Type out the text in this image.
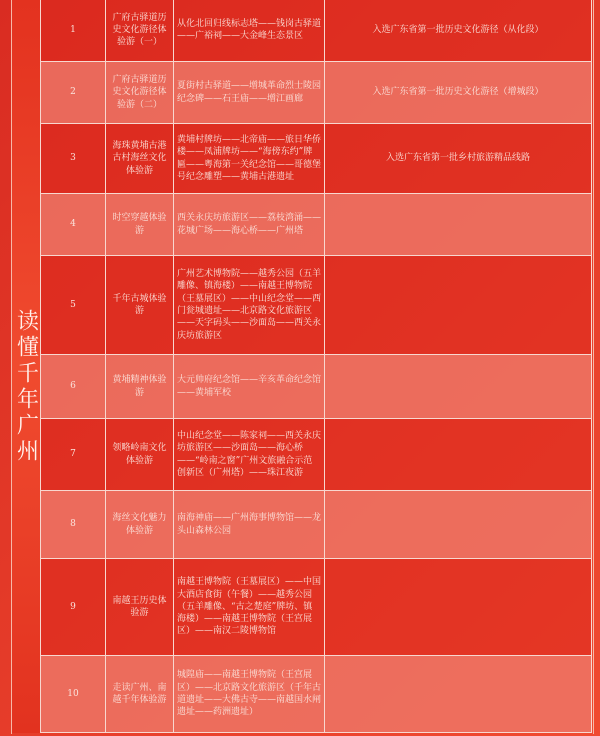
读懂千年广州
1	广府古驿道历史文化游径体验游（一）	从化北回归线标志塔——钱岗古驿道——广裕祠——大金峰生态景区	入选广东省第一批历史文化游径（从化段）
2	广府古驿道历史文化游径体验游（二）	夏街村古驿道——增城革命烈士陵园纪念碑——石王庙——增江画廊	入选广东省第一批历史文化游径（增城段）
3	海珠黄埔古港古村海丝文化体验游	黄埔村牌坊——北帝庙——旅日华侨楼——凤浦牌坊——“海傍东约”牌匾——粤海第一关纪念馆——哥德堡号纪念雕塑——黄埔古港遗址	入选广东省第一批乡村旅游精品线路
4	时空穿越体验游	西关永庆坊旅游区——荔枝湾涌——花城广场——海心桥——广州塔	
5	千年古城体验游	广州艺术博物院——越秀公园（五羊雕像、镇海楼）——南越王博物院（王墓展区）——中山纪念堂——西门瓮城遗址——北京路文化旅游区——天字码头——沙面岛——西关永庆坊旅游区	
6	黄埔精神体验游	大元帅府纪念馆——辛亥革命纪念馆——黄埔军校	
7	领略岭南文化体验游	中山纪念堂——陈家祠——西关永庆坊旅游区——沙面岛——海心桥——“岭南之窗”广州文旅融合示范创新区（广州塔）——珠江夜游	
8	海丝文化魅力体验游	南海神庙——广州海事博物馆——龙头山森林公园	
9	南越王历史体验游	南越王博物院（王墓展区）——中国大酒店食街（午餐）——越秀公园（五羊雕像、“古之楚庭”牌坊、镇海楼）——南越王博物院（王宫展区）——南汉二陵博物馆	
10	走读广州、南越千年体验游	城隍庙——南越王博物院（王宫展区）——北京路文化旅游区（千年古道遗址——大佛古寺——南越国水闸遗址——药洲遗址）	
